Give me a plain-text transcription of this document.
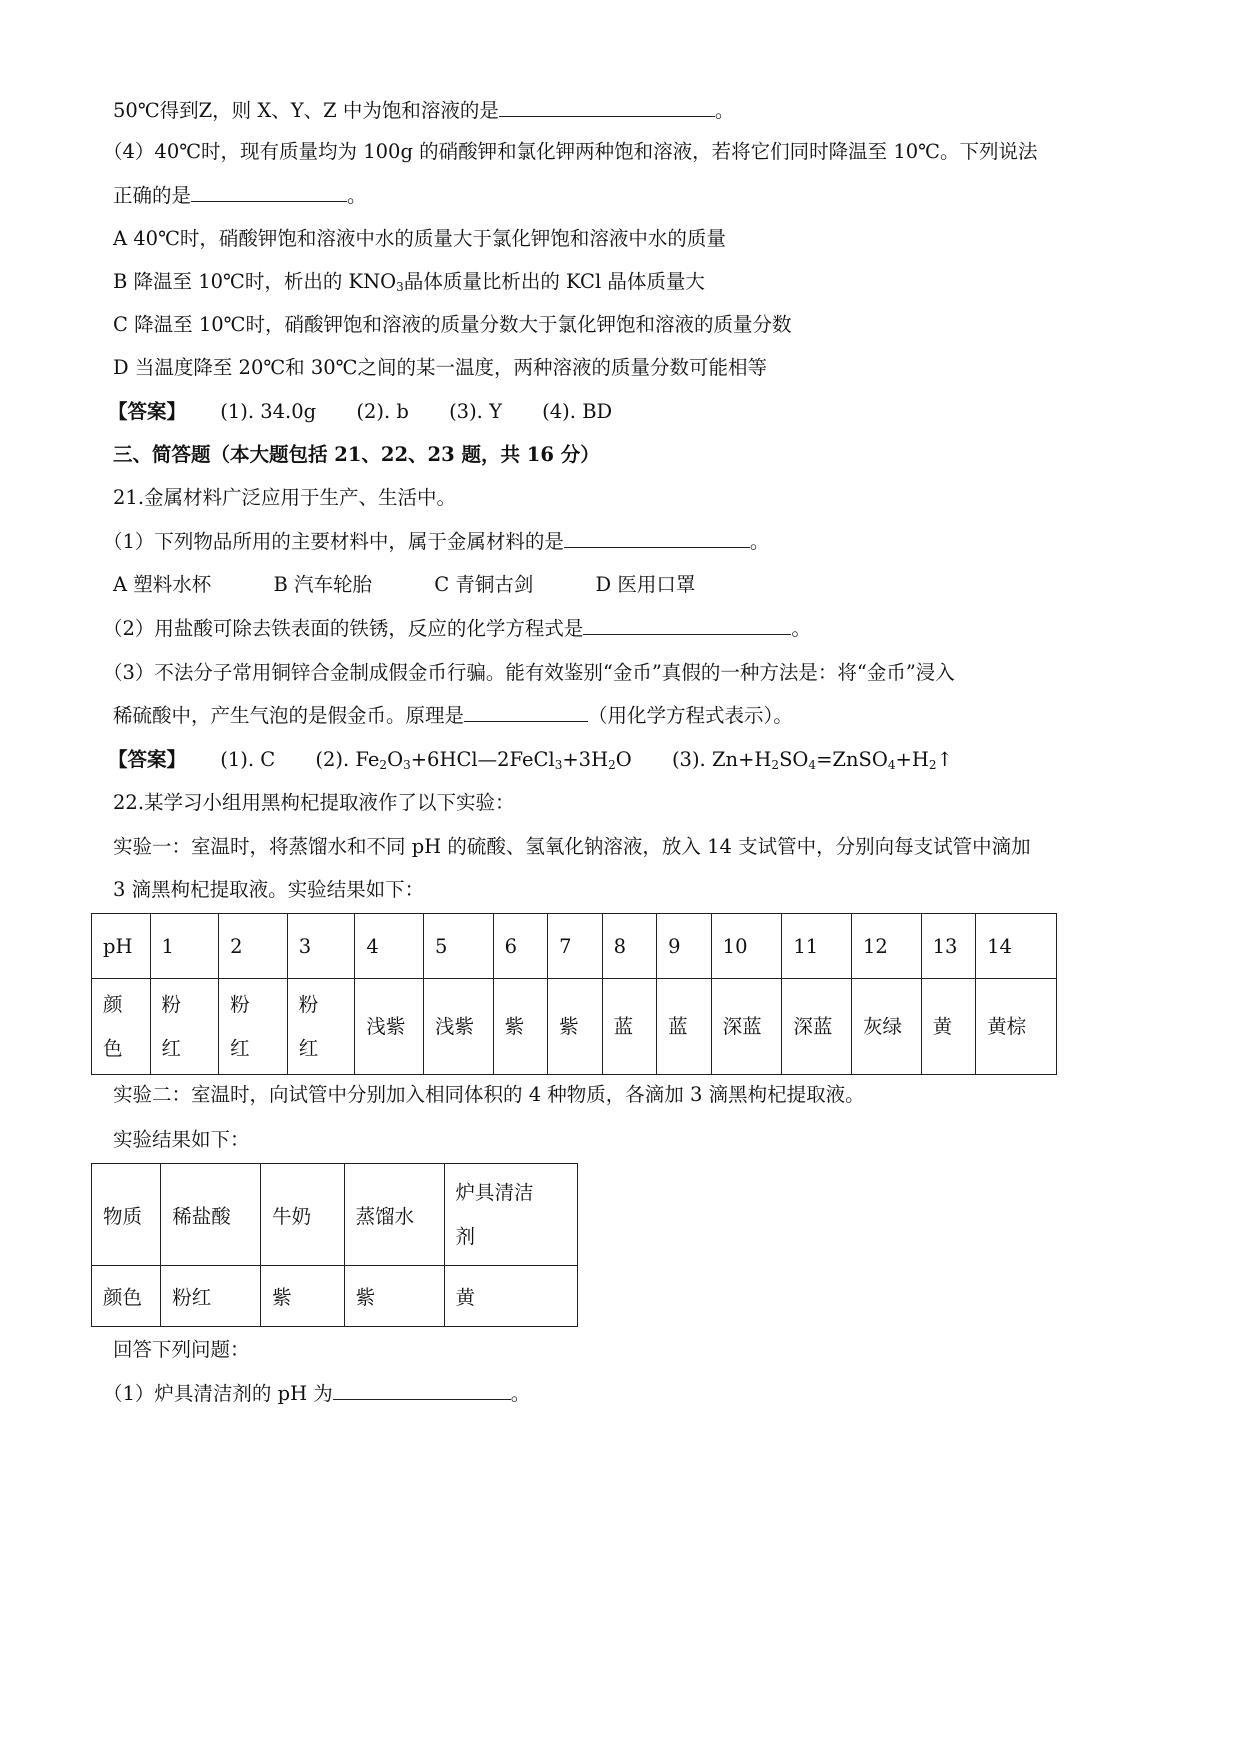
50℃得到Z，则 X、Y、Z 中为饱和溶液的是	。
（4）40℃时，现有质量均为 100g 的硝酸钾和氯化钾两种饱和溶液，若将它们同时降温至 10℃。下列说法
正确的是	。
A 40℃时，硝酸钾饱和溶液中水的质量大于氯化钾饱和溶液中水的质量
B 降温至 10℃时，析出的 $KNO_3$晶体质量比析出的 KCl 晶体质量大
C 降温至 10℃时，硝酸钾饱和溶液的质量分数大于氯化钾饱和溶液的质量分数
D 当温度降至 20℃和 30℃之间的某一温度，两种溶液的质量分数可能相等
【答案】 (1). 34.0g (2). b (3). Y (4). BD
三、简答题（本大题包括 21、22、23 题，共 16 分）
21.金属材料广泛应用于生产、生活中。
（1）下列物品所用的主要材料中，属于金属材料的是	。
A 塑料水杯	B 汽车轮胎	C 青铜古剑	D 医用口罩
（2）用盐酸可除去铁表面的铁锈，反应的化学方程式是	。
（3）不法分子常用铜锌合金制成假金币行骗。能有效鉴别“金币”真假的一种方法是：将“金币”浸入
稀硫酸中，产生气泡的是假金币。原理是	（用化学方程式表示）。
【答案】 (1). C (2). $Fe_2O_3+6HCl—2FeCl_3+3H_2O$ (3). $Zn+H_2SO_4=ZnSO_4+H_2↑$
22.某学习小组用黑枸杞提取液作了以下实验：
实验一：室温时，将蒸馏水和不同 pH 的硫酸、氢氧化钠溶液，放入 14 支试管中，分别向每支试管中滴加
3 滴黑枸杞提取液。实验结果如下：
pH	1	2	3	4	5	6	7	8	9	10	11	12	13	14
颜
色	粉
红	粉
红	粉
红	浅紫	浅紫	紫	紫	蓝	蓝	深蓝	深蓝	灰绿	黄	黄棕
实验二：室温时，向试管中分别加入相同体积的 4 种物质，各滴加 3 滴黑枸杞提取液。
实验结果如下：
物质	稀盐酸	牛奶	蒸馏水	炉具清洁
剂
颜色	粉红	紫	紫	黄
回答下列问题：
（1）炉具清洁剂的 pH 为	。
